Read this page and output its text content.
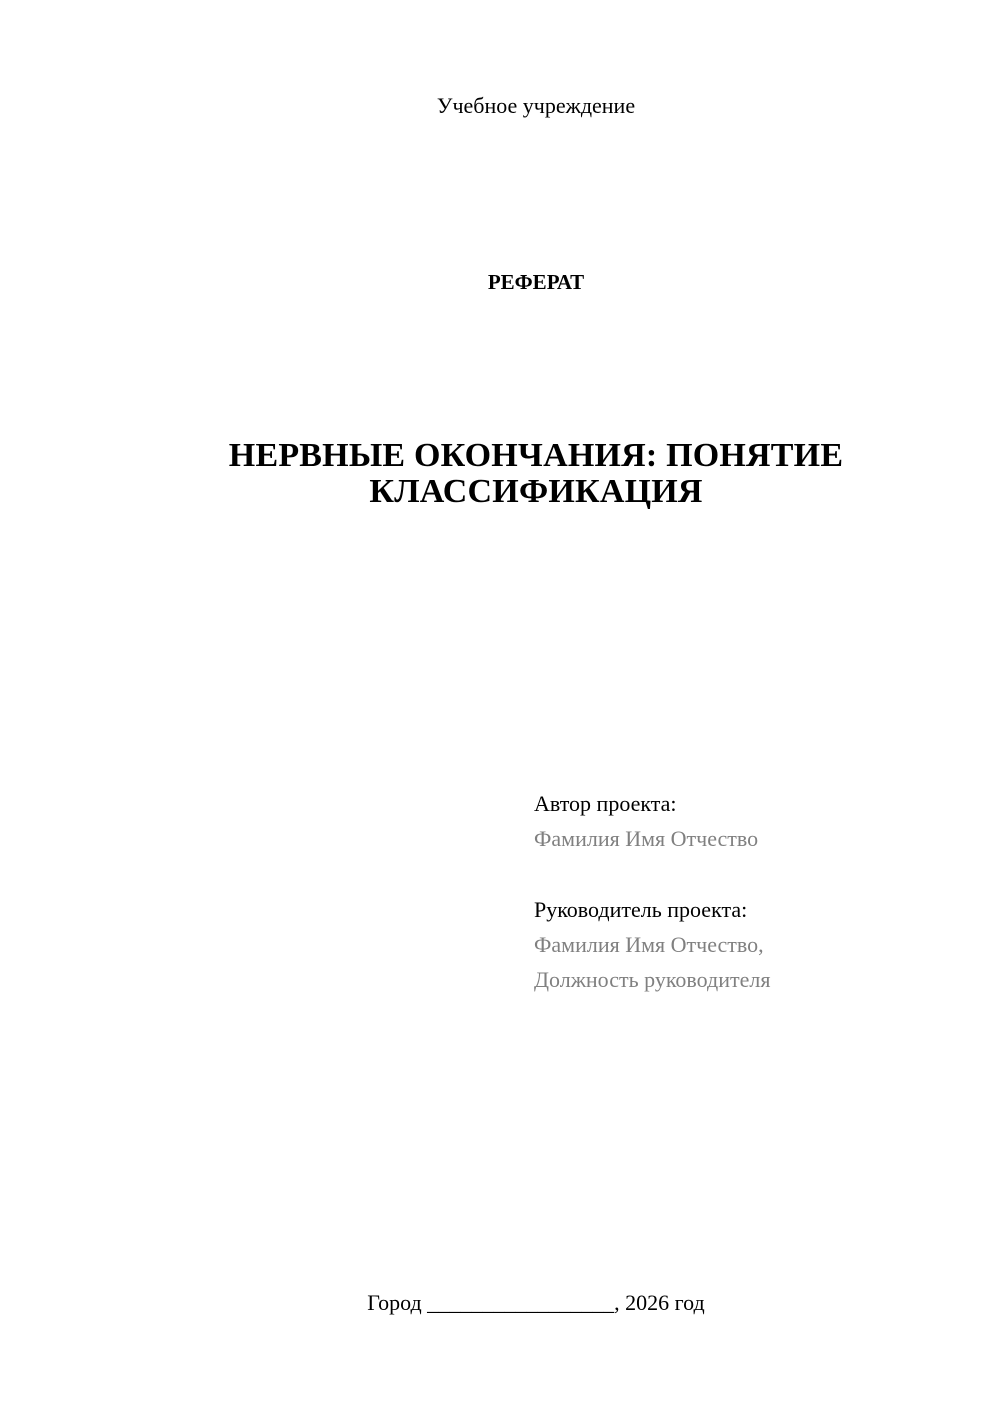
Учебное учреждение
РЕФЕРАТ
НЕРВНЫЕ ОКОНЧАНИЯ: ПОНЯТИЕ
КЛАССИФИКАЦИЯ
Автор проекта:
Фамилия Имя Отчество
Руководитель проекта:
Фамилия Имя Отчество,
Должность руководителя
Город _________________, 2026 год
